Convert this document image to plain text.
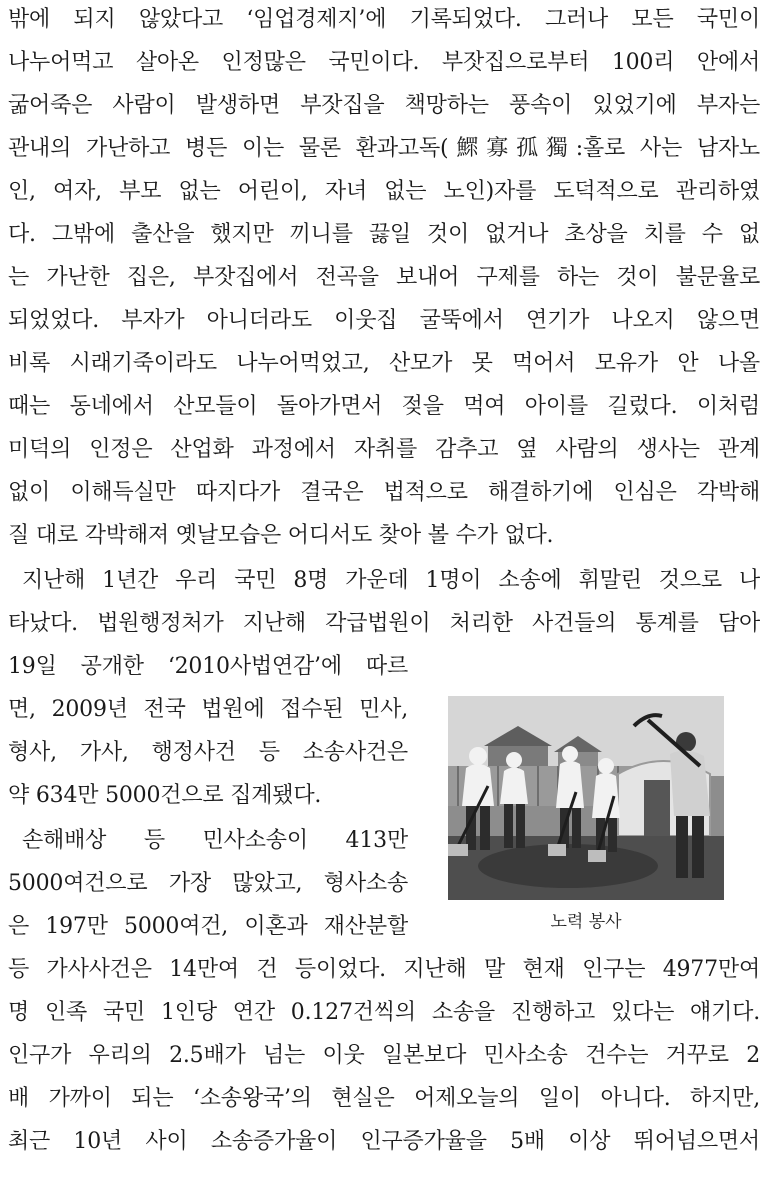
밖에 되지 않았다고 ‘임업경제지’에 기록되었다. 그러나 모든 국민이
나누어먹고 살아온 인정많은 국민이다. 부잣집으로부터 100리 안에서
굶어죽은 사람이 발생하면 부잣집을 책망하는 풍속이 있었기에 부자는
관내의 가난하고 병든 이는 물론 환과고독(鰥寡孤獨:홀로 사는 남자노
인, 여자, 부모 없는 어린이, 자녀 없는 노인)자를 도덕적으로 관리하였
다. 그밖에 출산을 했지만 끼니를 끓일 것이 없거나 초상을 치를 수 없
는 가난한 집은, 부잣집에서 전곡을 보내어 구제를 하는 것이 불문율로
되었었다. 부자가 아니더라도 이웃집 굴뚝에서 연기가 나오지 않으면
비록 시래기죽이라도 나누어먹었고, 산모가 못 먹어서 모유가 안 나올
때는 동네에서 산모들이 돌아가면서 젖을 먹여 아이를 길렀다. 이처럼
미덕의 인정은 산업화 과정에서 자취를 감추고 옆 사람의 생사는 관계
없이 이해득실만 따지다가 결국은 법적으로 해결하기에 인심은 각박해
질 대로 각박해져 옛날모습은 어디서도 찾아 볼 수가 없다.
지난해 1년간 우리 국민 8명 가운데 1명이 소송에 휘말린 것으로 나
타났다. 법원행정처가 지난해 각급법원이 처리한 사건들의 통계를 담아
19일 공개한 ‘2010사법연감’에 따르
면, 2009년 전국 법원에 접수된 민사,
형사, 가사, 행정사건 등 소송사건은
약 634만 5000건으로 집계됐다.
손해배상 등 민사소송이 413만
5000여건으로 가장 많았고, 형사소송
은 197만 5000여건, 이혼과 재산분할
등 가사사건은 14만여 건 등이었다. 지난해 말 현재 인구는 4977만여
명 인족 국민 1인당 연간 0.127건씩의 소송을 진행하고 있다는 얘기다.
인구가 우리의 2.5배가 넘는 이웃 일본보다 민사소송 건수는 거꾸로 2
배 가까이 되는 ‘소송왕국’의 현실은 어제오늘의 일이 아니다. 하지만,
최근 10년 사이 소송증가율이 인구증가율을 5배 이상 뛰어넘으면서
노력 봉사
